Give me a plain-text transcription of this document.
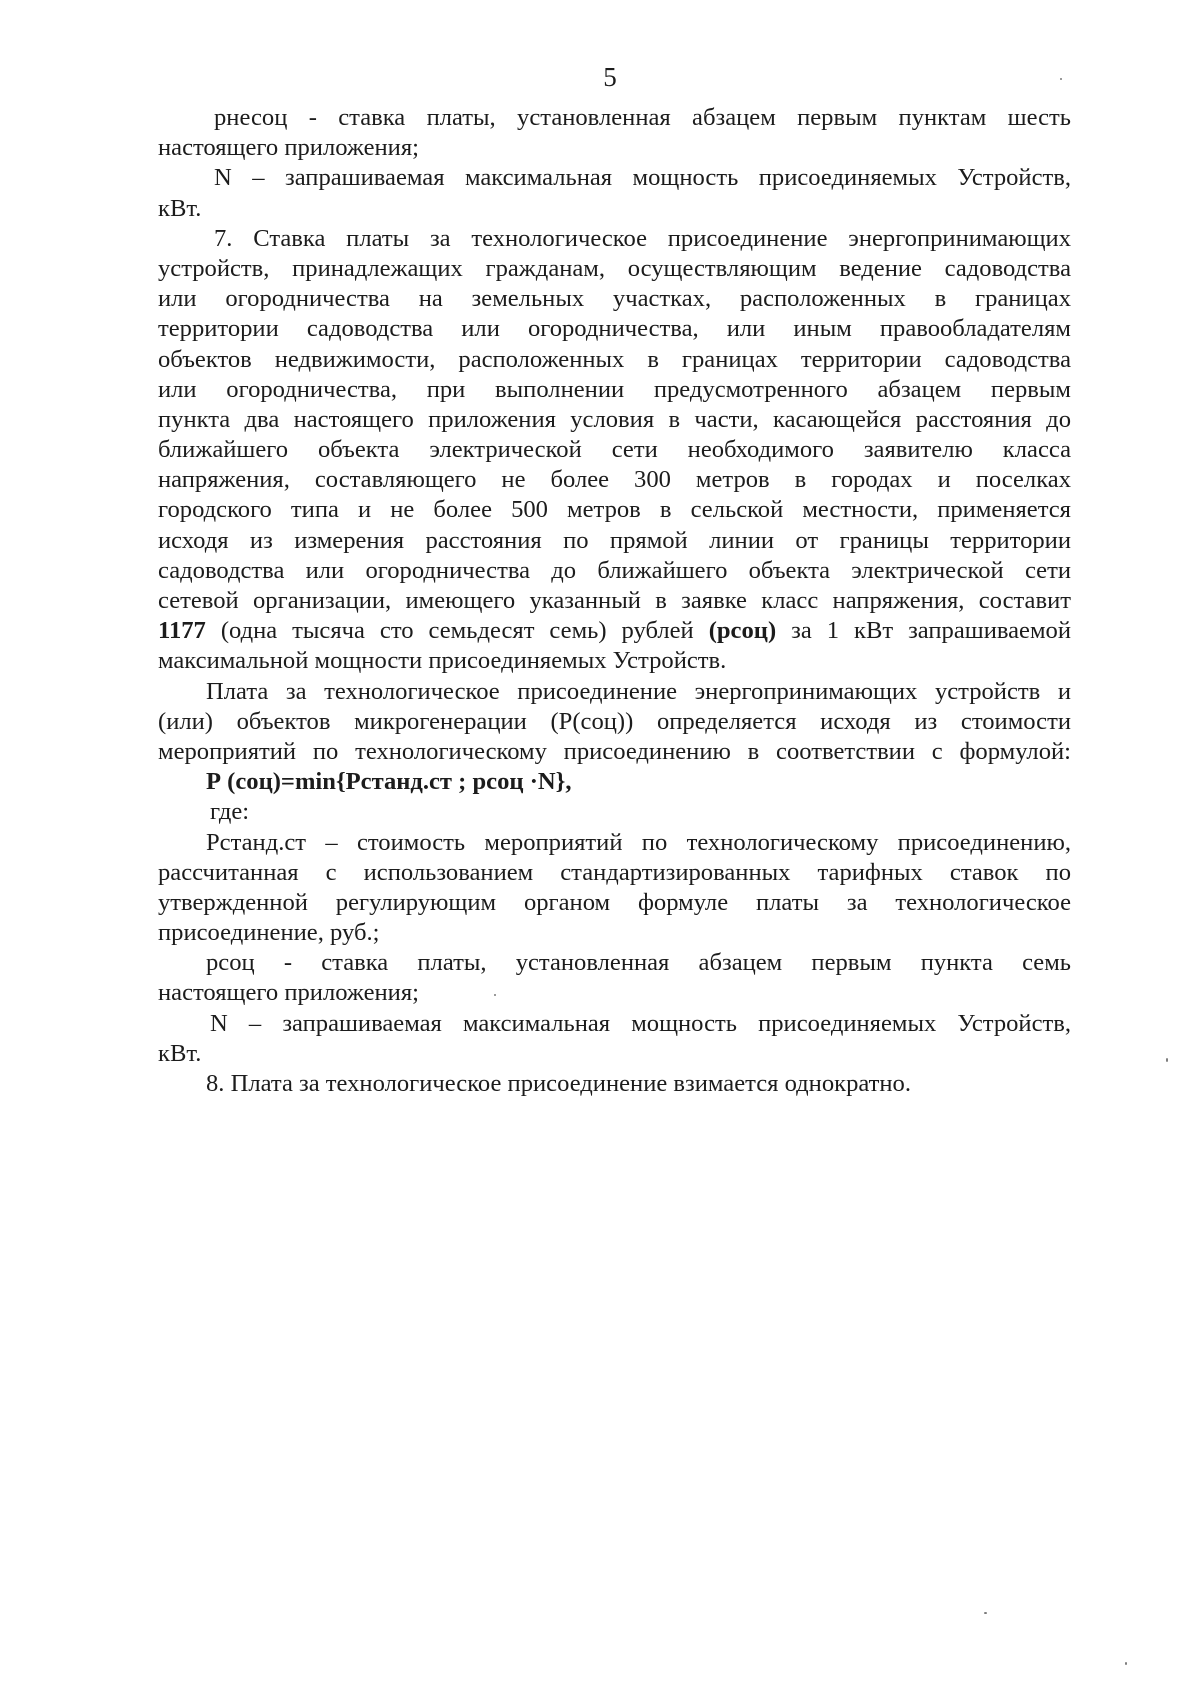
5
рнесоц - ставка платы, установленная абзацем первым пунктам шесть
настоящего приложения;
N – запрашиваемая максимальная мощность присоединяемых Устройств,
кВт.
7. Ставка платы за технологическое присоединение энергопринимающих
устройств, принадлежащих гражданам, осуществляющим ведение садоводства
или огородничества на земельных участках, расположенных в границах
территории садоводства или огородничества, или иным правообладателям
объектов недвижимости, расположенных в границах территории садоводства
или огородничества, при выполнении предусмотренного абзацем первым
пункта два настоящего приложения условия в части, касающейся расстояния до
ближайшего объекта электрической сети необходимого заявителю класса
напряжения, составляющего не более 300 метров в городах и поселках
городского типа и не более 500 метров в сельской местности, применяется
исходя из измерения расстояния по прямой линии от границы территории
садоводства или огородничества до ближайшего объекта электрической сети
сетевой организации, имеющего указанный в заявке класс напряжения, составит
1177 (одна тысяча сто семьдесят семь) рублей (рсоц) за 1 кВт запрашиваемой
максимальной мощности присоединяемых Устройств.
Плата за технологическое присоединение энергопринимающих устройств и
(или) объектов микрогенерации (Р(соц)) определяется исходя из стоимости
мероприятий по технологическому присоединению в соответствии с формулой:
Р (соц)=min{Рстанд.ст ; рсоц ·N},
где:
Рстанд.ст – стоимость мероприятий по технологическому присоединению,
рассчитанная с использованием стандартизированных тарифных ставок по
утвержденной регулирующим органом формуле платы за технологическое
присоединение, руб.;
рсоц - ставка платы, установленная абзацем первым пункта семь
настоящего приложения;
N – запрашиваемая максимальная мощность присоединяемых Устройств,
кВт.
8. Плата за технологическое присоединение взимается однократно.
